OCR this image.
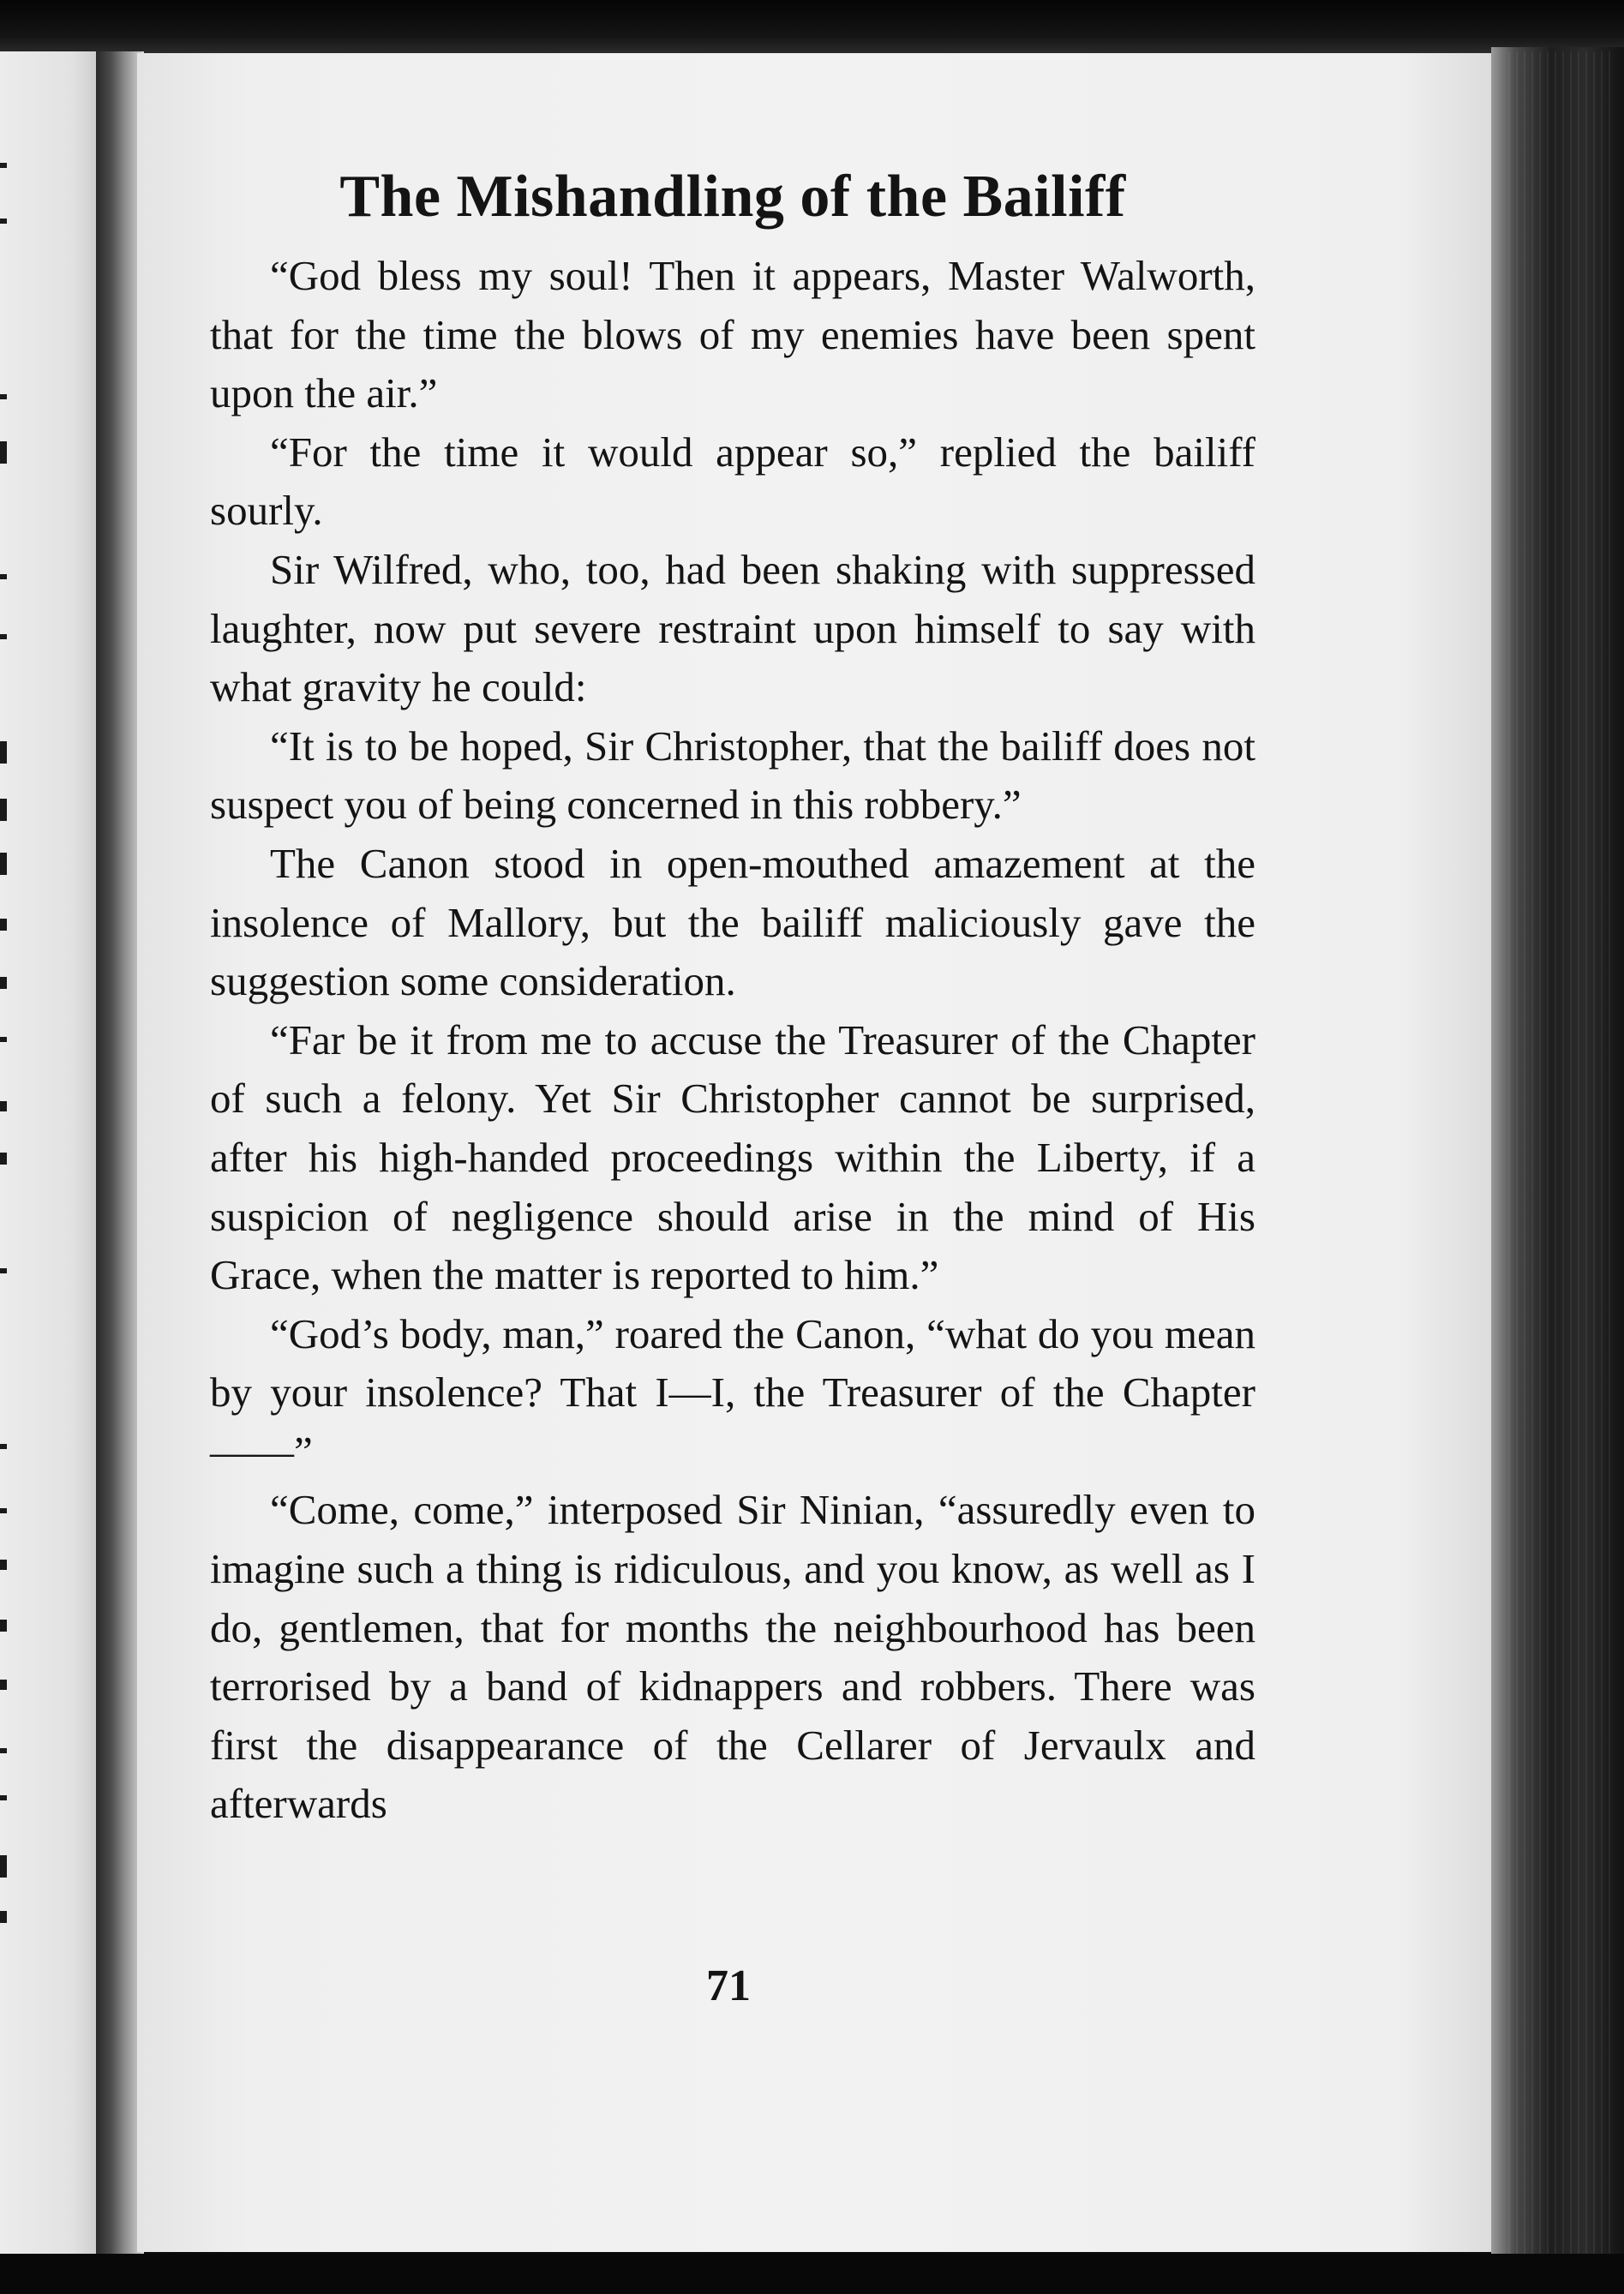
The Mishandling of the Bailiff

“God bless my soul! Then it appears, Master Walworth, that for the time the blows of my enemies have been spent upon the air.”

“For the time it would appear so,” replied the bailiff sourly.

Sir Wilfred, who, too, had been shaking with suppressed laughter, now put severe restraint upon himself to say with what gravity he could:

“It is to be hoped, Sir Christopher, that the bailiff does not suspect you of being concerned in this robbery.”

The Canon stood in open-mouthed amazement at the insolence of Mallory, but the bailiff maliciously gave the suggestion some consideration.

“Far be it from me to accuse the Treasurer of the Chapter of such a felony. Yet Sir Christopher cannot be surprised, after his high-handed proceedings within the Liberty, if a suspicion of negligence should arise in the mind of His Grace, when the matter is reported to him.”

“God’s body, man,” roared the Canon, “what do you mean by your insolence? That I—I, the Treasurer of the Chapter——”

“Come, come,” interposed Sir Ninian, “assuredly even to imagine such a thing is ridiculous, and you know, as well as I do, gentlemen, that for months the neighbourhood has been terrorised by a band of kidnappers and robbers. There was first the disappearance of the Cellarer of Jervaulx and afterwards

71
